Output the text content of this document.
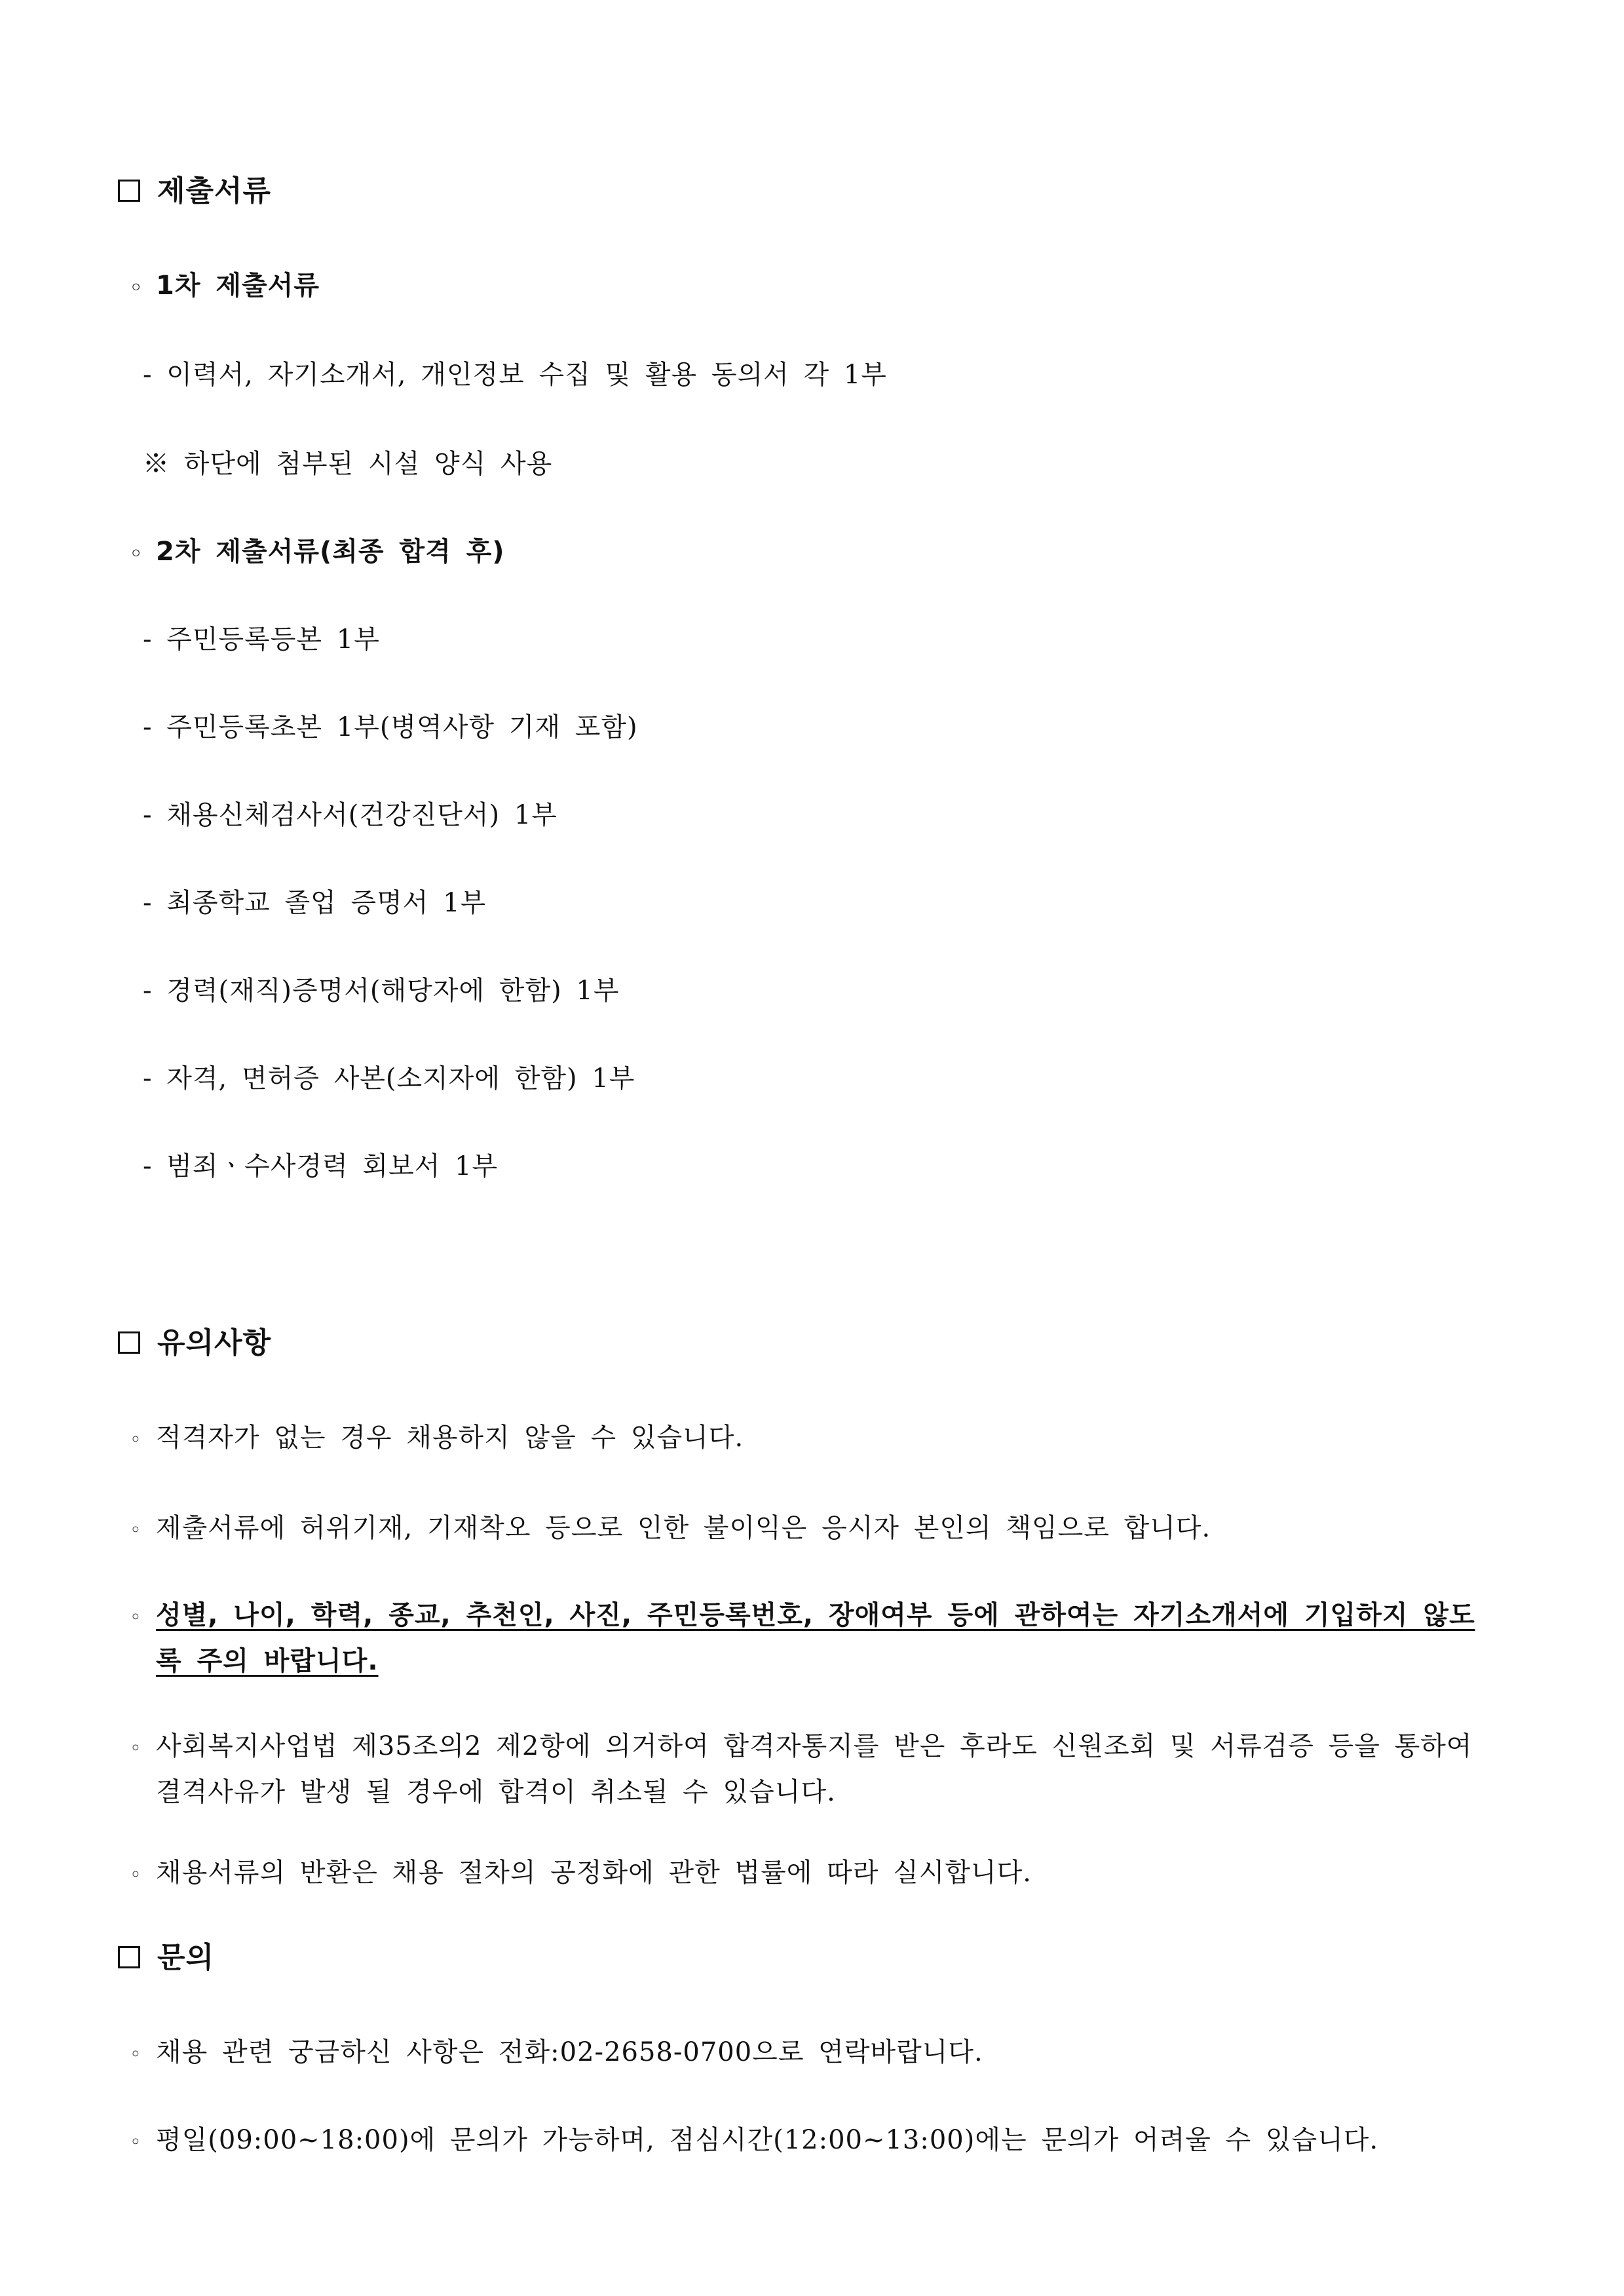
제출서류
◦ 1차 제출서류
- 이력서, 자기소개서, 개인정보 수집 및 활용 동의서 각 1부
※ 하단에 첨부된 시설 양식 사용
◦ 2차 제출서류(최종 합격 후)
- 주민등록등본 1부
- 주민등록초본 1부(병역사항 기재 포함)
- 채용신체검사서(건강진단서) 1부
- 최종학교 졸업 증명서 1부
- 경력(재직)증명서(해당자에 한함) 1부
- 자격, 면허증 사본(소지자에 한함) 1부
- 범죄ㆍ수사경력 회보서 1부
유의사항
◦ 적격자가 없는 경우 채용하지 않을 수 있습니다.
◦ 제출서류에 허위기재, 기재착오 등으로 인한 불이익은 응시자 본인의 책임으로 합니다.
◦ 성별, 나이, 학력, 종교, 추천인, 사진, 주민등록번호, 장애여부 등에 관하여는 자기소개서에 기입하지 않도
록 주의 바랍니다.
◦ 사회복지사업법 제35조의2 제2항에 의거하여 합격자통지를 받은 후라도 신원조회 및 서류검증 등을 통하여
결격사유가 발생 될 경우에 합격이 취소될 수 있습니다.
◦ 채용서류의 반환은 채용 절차의 공정화에 관한 법률에 따라 실시합니다.
문의
◦ 채용 관련 궁금하신 사항은 전화:02-2658-0700으로 연락바랍니다.
◦ 평일(09:00~18:00)에 문의가 가능하며, 점심시간(12:00~13:00)에는 문의가 어려울 수 있습니다.
